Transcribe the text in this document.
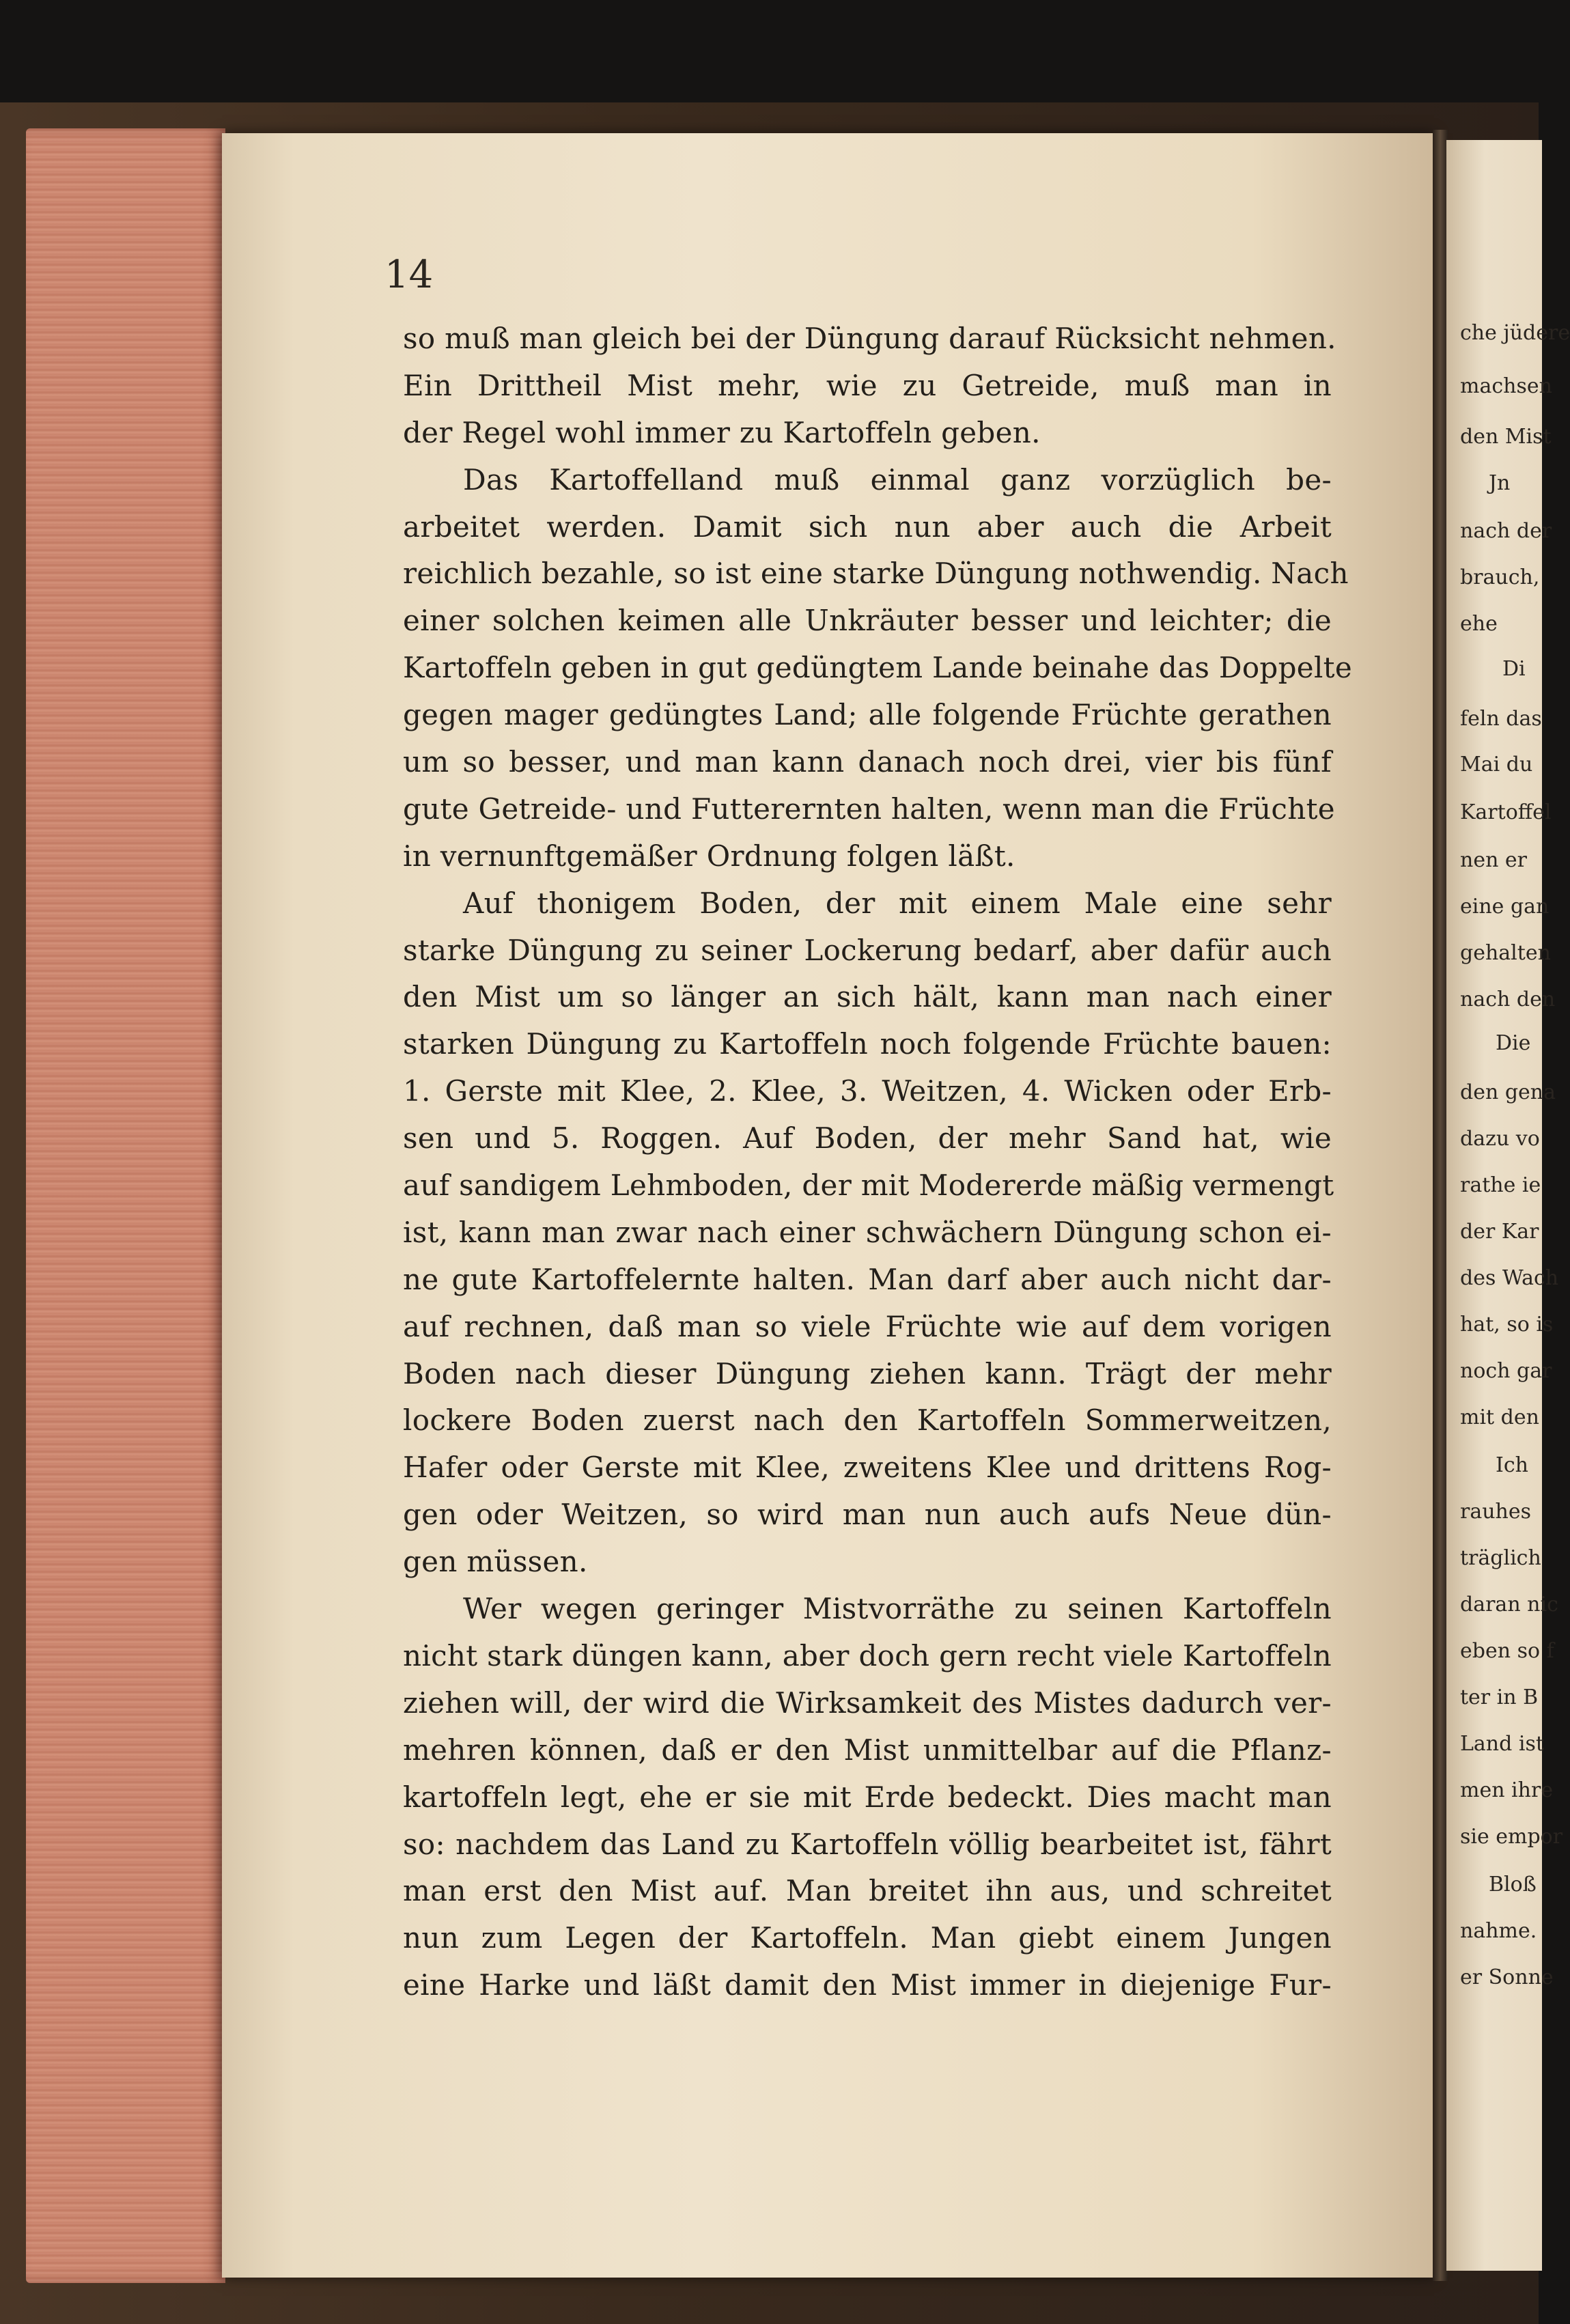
14
so muß man gleich bei der Düngung darauf Rücksicht nehmen.
Ein Drittheil Mist mehr, wie zu Getreide, muß man in
der Regel wohl immer zu Kartoffeln geben.
Das Kartoffelland muß einmal ganz vorzüglich be-
arbeitet werden. Damit sich nun aber auch die Arbeit
reichlich bezahle, so ist eine starke Düngung nothwendig. Nach
einer solchen keimen alle Unkräuter besser und leichter; die
Kartoffeln geben in gut gedüngtem Lande beinahe das Doppelte
gegen mager gedüngtes Land; alle folgende Früchte gerathen
um so besser, und man kann danach noch drei, vier bis fünf
gute Getreide- und Futterernten halten, wenn man die Früchte
in vernunftgemäßer Ordnung folgen läßt.
Auf thonigem Boden, der mit einem Male eine sehr
starke Düngung zu seiner Lockerung bedarf, aber dafür auch
den Mist um so länger an sich hält, kann man nach einer
starken Düngung zu Kartoffeln noch folgende Früchte bauen:
1. Gerste mit Klee, 2. Klee, 3. Weitzen, 4. Wicken oder Erb-
sen und 5. Roggen. Auf Boden, der mehr Sand hat, wie
auf sandigem Lehmboden, der mit Modererde mäßig vermengt
ist, kann man zwar nach einer schwächern Düngung schon ei-
ne gute Kartoffelernte halten. Man darf aber auch nicht dar-
auf rechnen, daß man so viele Früchte wie auf dem vorigen
Boden nach dieser Düngung ziehen kann. Trägt der mehr
lockere Boden zuerst nach den Kartoffeln Sommerweitzen,
Hafer oder Gerste mit Klee, zweitens Klee und drittens Rog-
gen oder Weitzen, so wird man nun auch aufs Neue dün-
gen müssen.
Wer wegen geringer Mistvorräthe zu seinen Kartoffeln
nicht stark düngen kann, aber doch gern recht viele Kartoffeln
ziehen will, der wird die Wirksamkeit des Mistes dadurch ver-
mehren können, daß er den Mist unmittelbar auf die Pflanz-
kartoffeln legt, ehe er sie mit Erde bedeckt. Dies macht man
so: nachdem das Land zu Kartoffeln völlig bearbeitet ist, fährt
man erst den Mist auf. Man breitet ihn aus, und schreitet
nun zum Legen der Kartoffeln. Man giebt einem Jungen
eine Harke und läßt damit den Mist immer in diejenige Fur-
che jüdere
machsen
den Mist
Jn
nach der
brauch,
ehe
Di
feln das
Mai du
Kartoffel
nen er
eine gan
gehalten
nach den
Die
den gena
dazu vo
rathe ie
der Kar
des Wach
hat, so is
noch gar
mit den
Ich
rauhes
träglich
daran nic
eben so f
ter in B
Land ist
men ihre
sie empor
Bloß
nahme.
er Sonne
